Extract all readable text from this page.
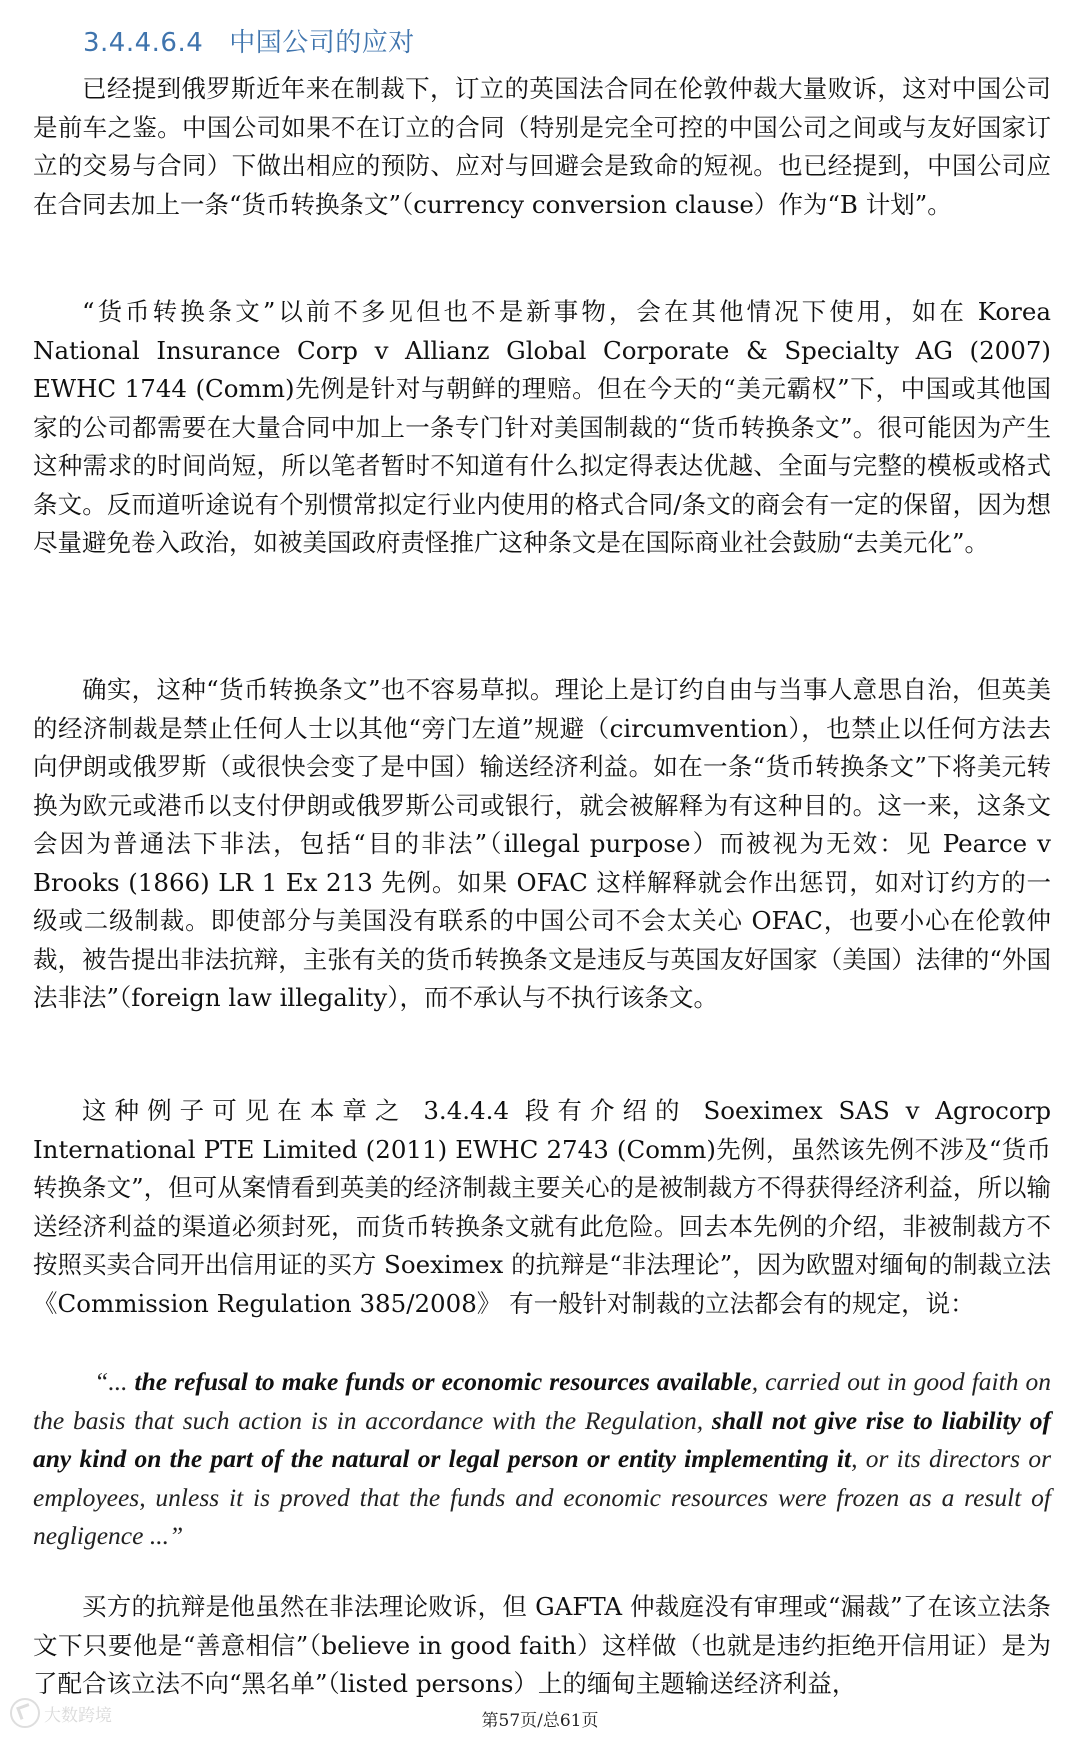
3.4.4.6.4 中国公司的应对

已经提到俄罗斯近年来在制裁下，订立的英国法合同在伦敦仲裁大量败诉，这对中国公司是前车之鉴。中国公司如果不在订立的合同（特别是完全可控的中国公司之间或与友好国家订立的交易与合同）下做出相应的预防、应对与回避会是致命的短视。也已经提到，中国公司应在合同去加上一条“货币转换条文”（currency conversion clause）作为“B 计划”。

“货币转换条文”以前不多见但也不是新事物，会在其他情况下使用，如在 Korea National Insurance Corp v Allianz Global Corporate & Specialty AG (2007) EWHC 1744 (Comm)先例是针对与朝鲜的理赔。但在今天的“美元霸权”下，中国或其他国家的公司都需要在大量合同中加上一条专门针对美国制裁的“货币转换条文”。很可能因为产生这种需求的时间尚短，所以笔者暂时不知道有什么拟定得表达优越、全面与完整的模板或格式条文。反而道听途说有个别惯常拟定行业内使用的格式合同/条文的商会有一定的保留，因为想尽量避免卷入政治，如被美国政府责怪推广这种条文是在国际商业社会鼓励“去美元化”。

确实，这种“货币转换条文”也不容易草拟。理论上是订约自由与当事人意思自治，但英美的经济制裁是禁止任何人士以其他“旁门左道”规避（circumvention），也禁止以任何方法去向伊朗或俄罗斯（或很快会变了是中国）输送经济利益。如在一条“货币转换条文”下将美元转换为欧元或港币以支付伊朗或俄罗斯公司或银行，就会被解释为有这种目的。这一来，这条文会因为普通法下非法，包括“目的非法”（illegal purpose）而被视为无效：见 Pearce v Brooks (1866) LR 1 Ex 213 先例。如果 OFAC 这样解释就会作出惩罚，如对订约方的一级或二级制裁。即使部分与美国没有联系的中国公司不会太关心 OFAC，也要小心在伦敦仲裁，被告提出非法抗辩，主张有关的货币转换条文是违反与英国友好国家（美国）法律的“外国法非法”（foreign law illegality），而不承认与不执行该条文。

这种例子可见在本章之 3.4.4.4 段有介绍的 Soeximex SAS v Agrocorp International PTE Limited (2011) EWHC 2743 (Comm)先例，虽然该先例不涉及“货币转换条文”，但可从案情看到英美的经济制裁主要关心的是被制裁方不得获得经济利益，所以输送经济利益的渠道必须封死，而货币转换条文就有此危险。回去本先例的介绍，非被制裁方不按照买卖合同开出信用证的买方 Soeximex 的抗辩是“非法理论”，因为欧盟对缅甸的制裁立法《Commission Regulation 385/2008》 有一般针对制裁的立法都会有的规定，说：

“... the refusal to make funds or economic resources available, carried out in good faith on the basis that such action is in accordance with the Regulation, shall not give rise to liability of any kind on the part of the natural or legal person or entity implementing it, or its directors or employees, unless it is proved that the funds and economic resources were frozen as a result of negligence ...”

买方的抗辩是他虽然在非法理论败诉，但 GAFTA 仲裁庭没有审理或“漏裁”了在该立法条文下只要他是“善意相信”（believe in good faith）这样做（也就是违约拒绝开信用证）是为了配合该立法不向“黑名单”（listed persons）上的缅甸主题输送经济利益，

大数跨境	第57页/总61页
